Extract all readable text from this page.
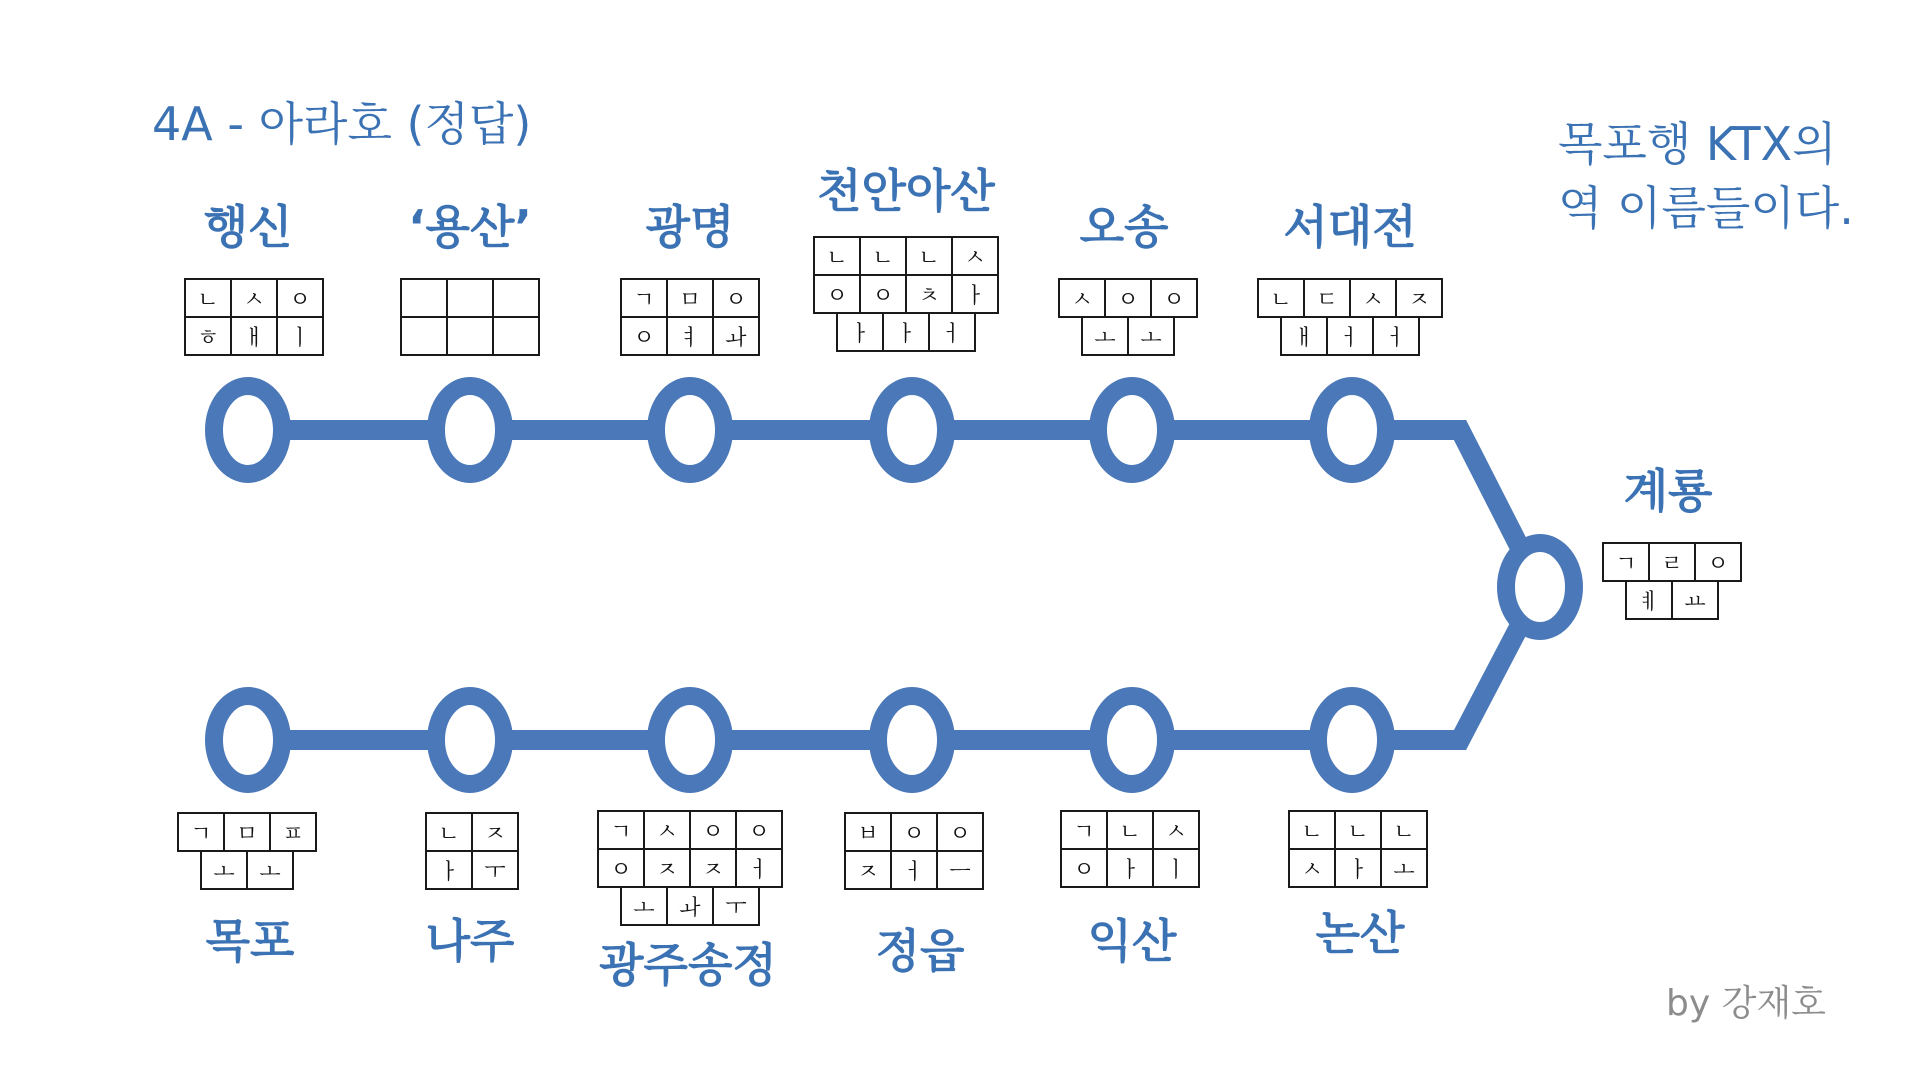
4A - 아라호 (정답)	목포행 KTX의
역 이름들이다.
by 강재호
행신
ㄴ	ㅅ	ㅇ
ㅎ	ㅐ	ㅣ
‘용산’ 광명
ㄱ	ㅁ	ㅇ
ㅇ	ㅕ	ㅘ
천안아산
ㄴ	ㄴ	ㄴ	ㅅ
ㅇ	ㅇ	ㅊ	ㅏ
ㅏ	ㅏ	ㅓ
오송
ㅅ	ㅇ	ㅇ
ㅗ	ㅗ
서대전
ㄴ	ㄷ	ㅅ	ㅈ
ㅐ	ㅓ	ㅓ
계룡
ㄱ	ㄹ	ㅇ
ㅖ	ㅛ
논산
ㄴ	ㄴ	ㄴ
ㅅ	ㅏ	ㅗ
익산
ㄱ	ㄴ	ㅅ
ㅇ	ㅏ	ㅣ
정읍
ㅂ	ㅇ	ㅇ
ㅈ	ㅓ	ㅡ
광주송정
ㄱ	ㅅ	ㅇ	ㅇ
ㅇ	ㅈ	ㅈ	ㅓ
ㅗ	ㅘ	ㅜ
나주
ㄴ	ㅈ
ㅏ	ㅜ
목포
ㄱ	ㅁ	ㅍ
ㅗ	ㅗ
